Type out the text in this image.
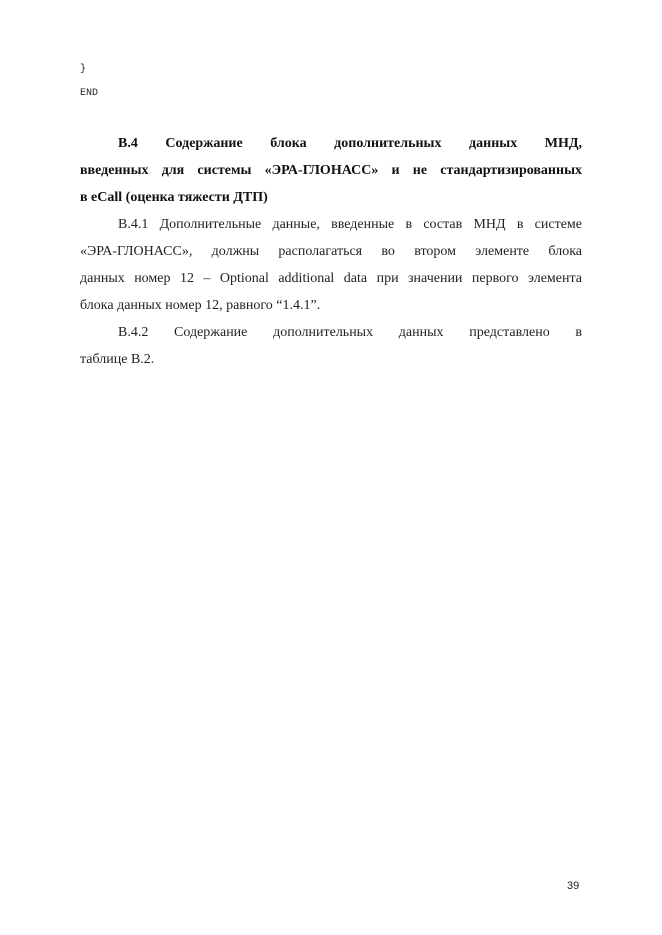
}
END
В.4 Содержание блока дополнительных данных МНД,
введенных для системы «ЭРА-ГЛОНАСС» и не стандартизированных
в eCall (оценка тяжести ДТП)
В.4.1 Дополнительные данные, введенные в состав МНД в системе
«ЭРА-ГЛОНАСС», должны располагаться во втором элементе блока
данных номер 12 – Optional additional data при значении первого элемента
блока данных номер 12, равного “1.4.1”.
В.4.2 Содержание дополнительных данных представлено в
таблице В.2.
39
